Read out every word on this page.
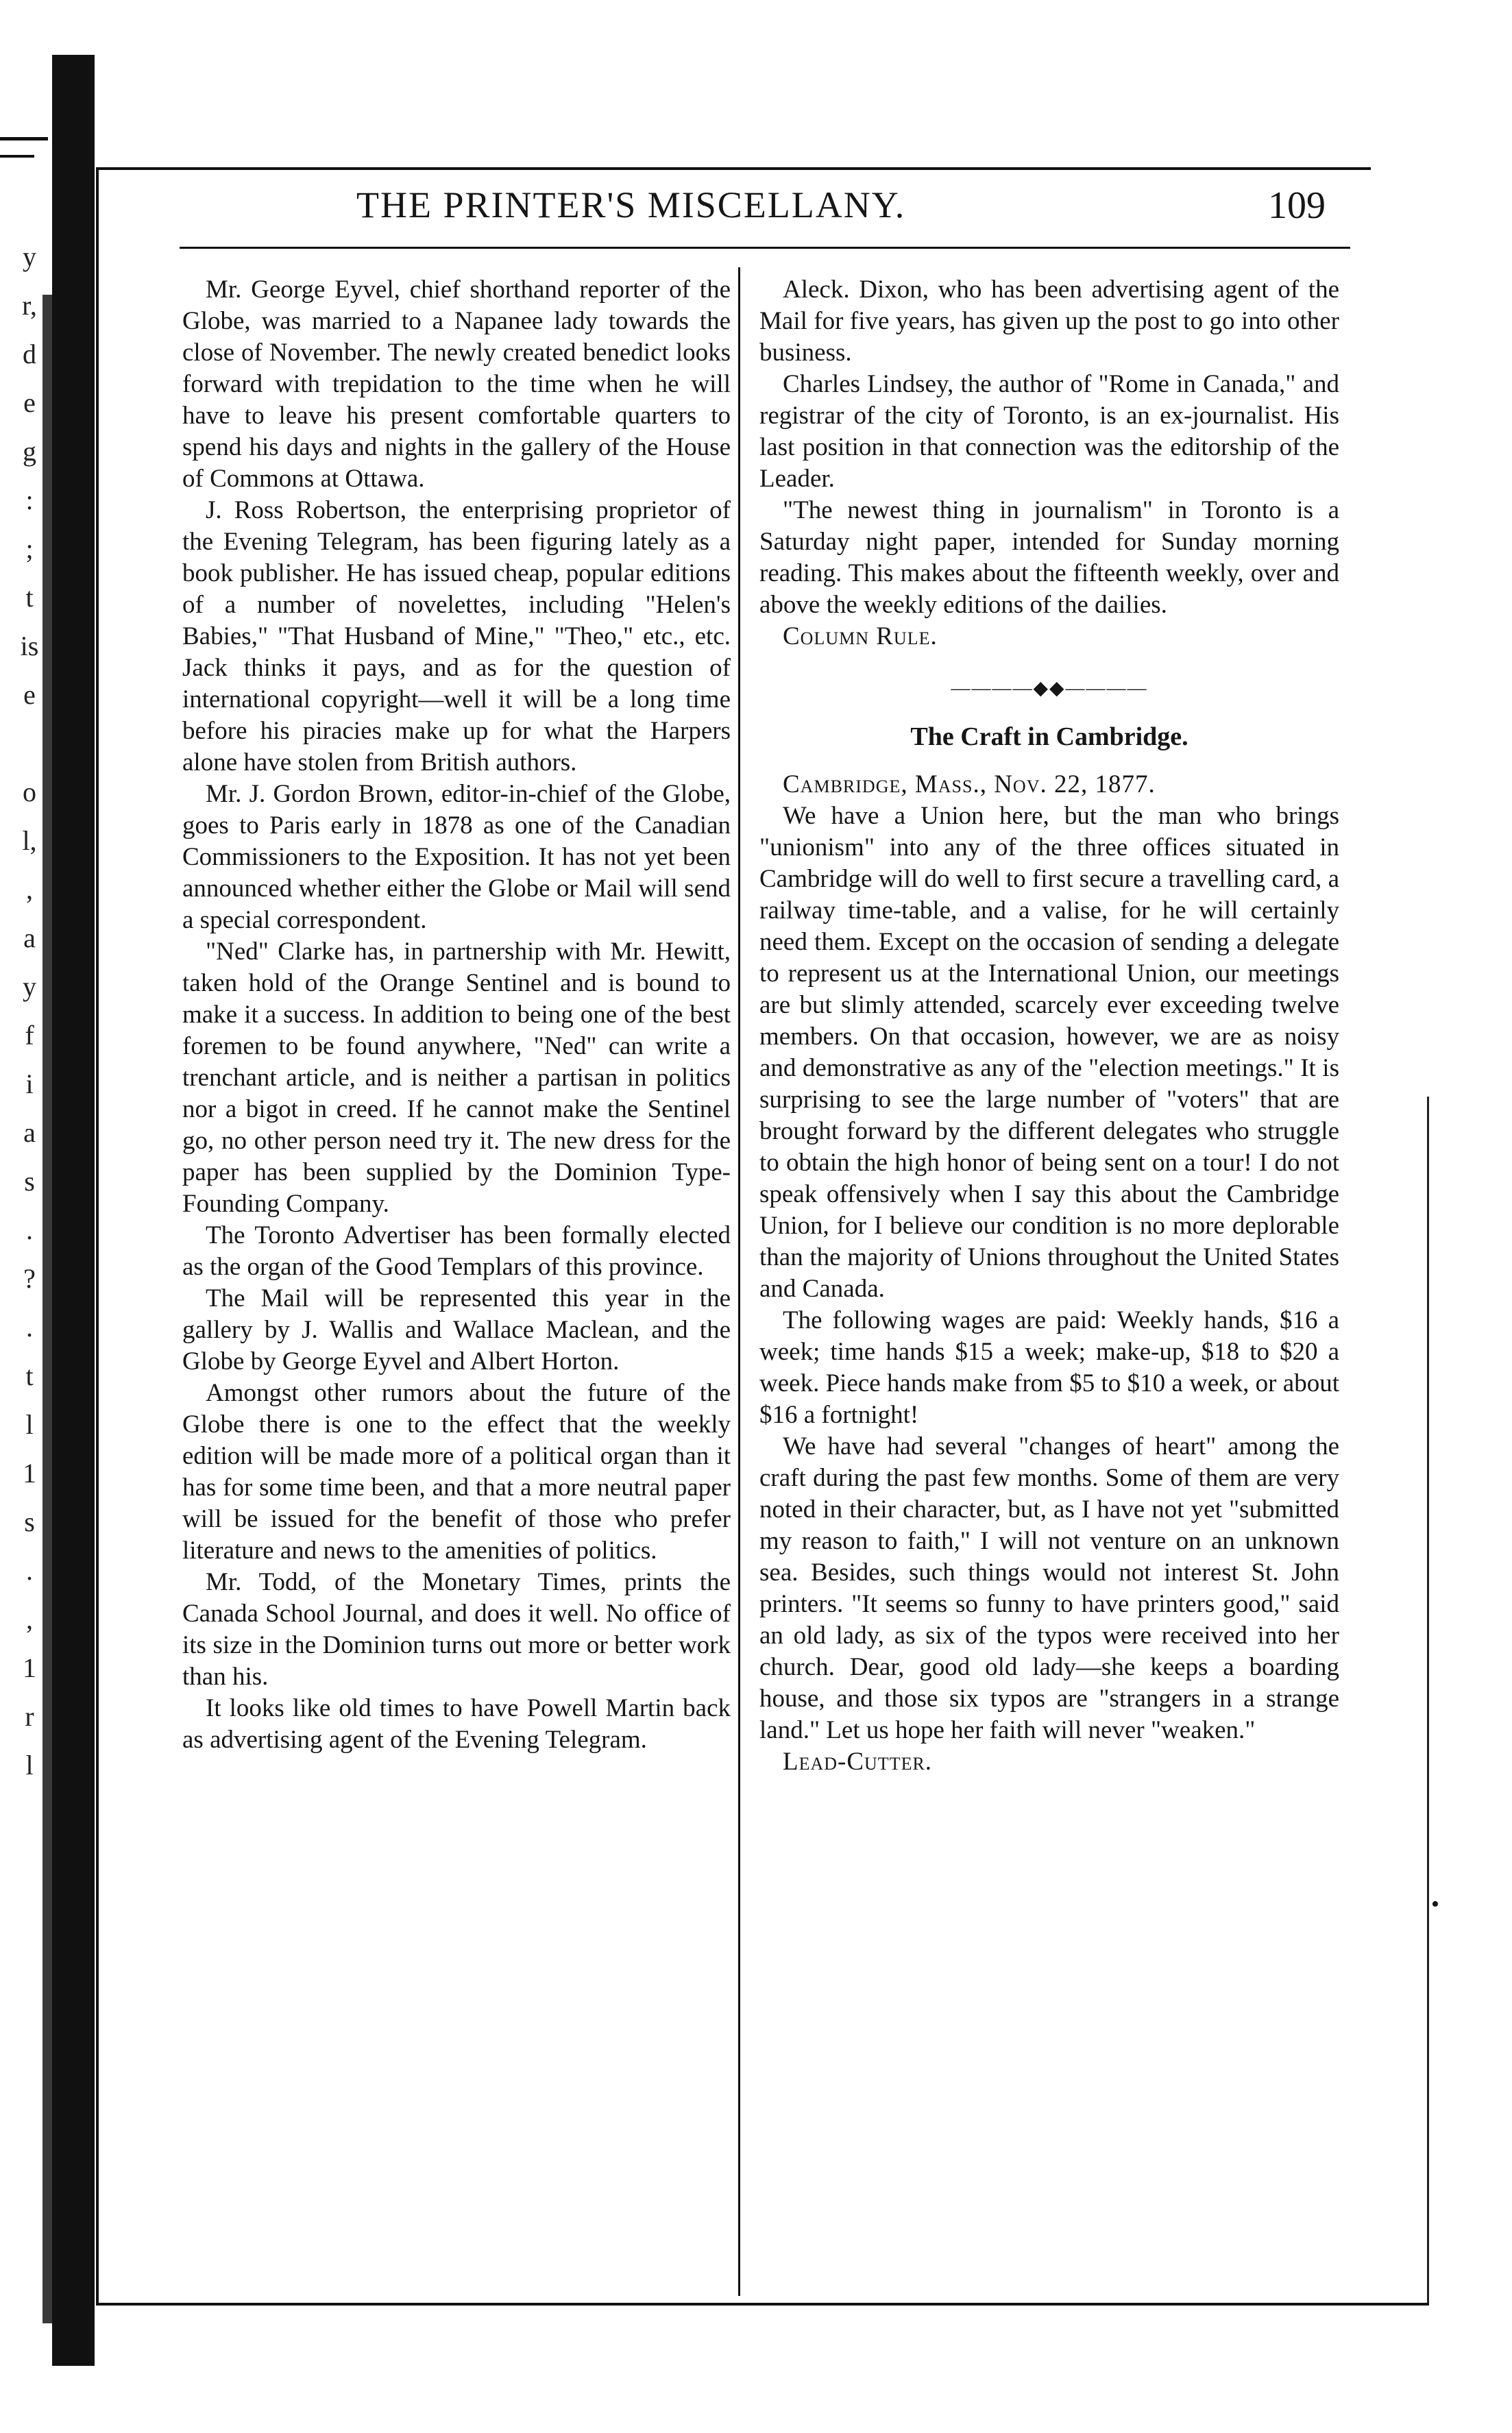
y
r,
d
e
g
:
;
t
is
e
o
l,
,
a
y
f
i
a
s
.
?
.
t
l
1
s
.
,
1
r
l
•
THE PRINTER'S MISCELLANY.	109

Mr. George Eyvel, chief shorthand reporter of the Globe, was married to a Napanee lady towards the close of November. The newly created benedict looks forward with trepidation to the time when he will have to leave his present comfortable quarters to spend his days and nights in the gallery of the House of Commons at Ottawa.

J. Ross Robertson, the enterprising proprietor of the Evening Telegram, has been figuring lately as a book publisher. He has issued cheap, popular editions of a number of novelettes, including "Helen's Babies," "That Husband of Mine," "Theo," etc., etc. Jack thinks it pays, and as for the question of international copyright—well it will be a long time before his piracies make up for what the Harpers alone have stolen from British authors.

Mr. J. Gordon Brown, editor-in-chief of the Globe, goes to Paris early in 1878 as one of the Canadian Commissioners to the Exposition. It has not yet been announced whether either the Globe or Mail will send a special correspondent.

"Ned" Clarke has, in partnership with Mr. Hewitt, taken hold of the Orange Sentinel and is bound to make it a success. In addition to being one of the best foremen to be found anywhere, "Ned" can write a trenchant article, and is neither a partisan in politics nor a bigot in creed. If he cannot make the Sentinel go, no other person need try it. The new dress for the paper has been supplied by the Dominion Type-Founding Company.

The Toronto Advertiser has been formally elected as the organ of the Good Templars of this province.

The Mail will be represented this year in the gallery by J. Wallis and Wallace Maclean, and the Globe by George Eyvel and Albert Horton.

Amongst other rumors about the future of the Globe there is one to the effect that the weekly edition will be made more of a political organ than it has for some time been, and that a more neutral paper will be issued for the benefit of those who prefer literature and news to the amenities of politics.

Mr. Todd, of the Monetary Times, prints the Canada School Journal, and does it well. No office of its size in the Dominion turns out more or better work than his.

It looks like old times to have Powell Martin back as advertising agent of the Evening Telegram.

Aleck. Dixon, who has been advertising agent of the Mail for five years, has given up the post to go into other business.

Charles Lindsey, the author of "Rome in Canada," and registrar of the city of Toronto, is an ex-journalist. His last position in that connection was the editorship of the Leader.

"The newest thing in journalism" in Toronto is a Saturday night paper, intended for Sunday morning reading. This makes about the fifteenth weekly, over and above the weekly editions of the dailies.

Column Rule.

————◆◆————
The Craft in Cambridge.

Cambridge, Mass., Nov. 22, 1877.

We have a Union here, but the man who brings "unionism" into any of the three offices situated in Cambridge will do well to first secure a travelling card, a railway time-table, and a valise, for he will certainly need them. Except on the occasion of sending a delegate to represent us at the International Union, our meetings are but slimly attended, scarcely ever exceeding twelve members. On that occasion, however, we are as noisy and demonstrative as any of the "election meetings." It is surprising to see the large number of "voters" that are brought forward by the different delegates who struggle to obtain the high honor of being sent on a tour! I do not speak offensively when I say this about the Cambridge Union, for I believe our condition is no more deplorable than the majority of Unions throughout the United States and Canada.

The following wages are paid: Weekly hands, $16 a week; time hands $15 a week; make-up, $18 to $20 a week. Piece hands make from $5 to $10 a week, or about $16 a fortnight!

We have had several "changes of heart" among the craft during the past few months. Some of them are very noted in their character, but, as I have not yet "submitted my reason to faith," I will not venture on an unknown sea. Besides, such things would not interest St. John printers. "It seems so funny to have printers good," said an old lady, as six of the typos were received into her church. Dear, good old lady—she keeps a boarding house, and those six typos are "strangers in a strange land." Let us hope her faith will never "weaken."

Lead-Cutter.
